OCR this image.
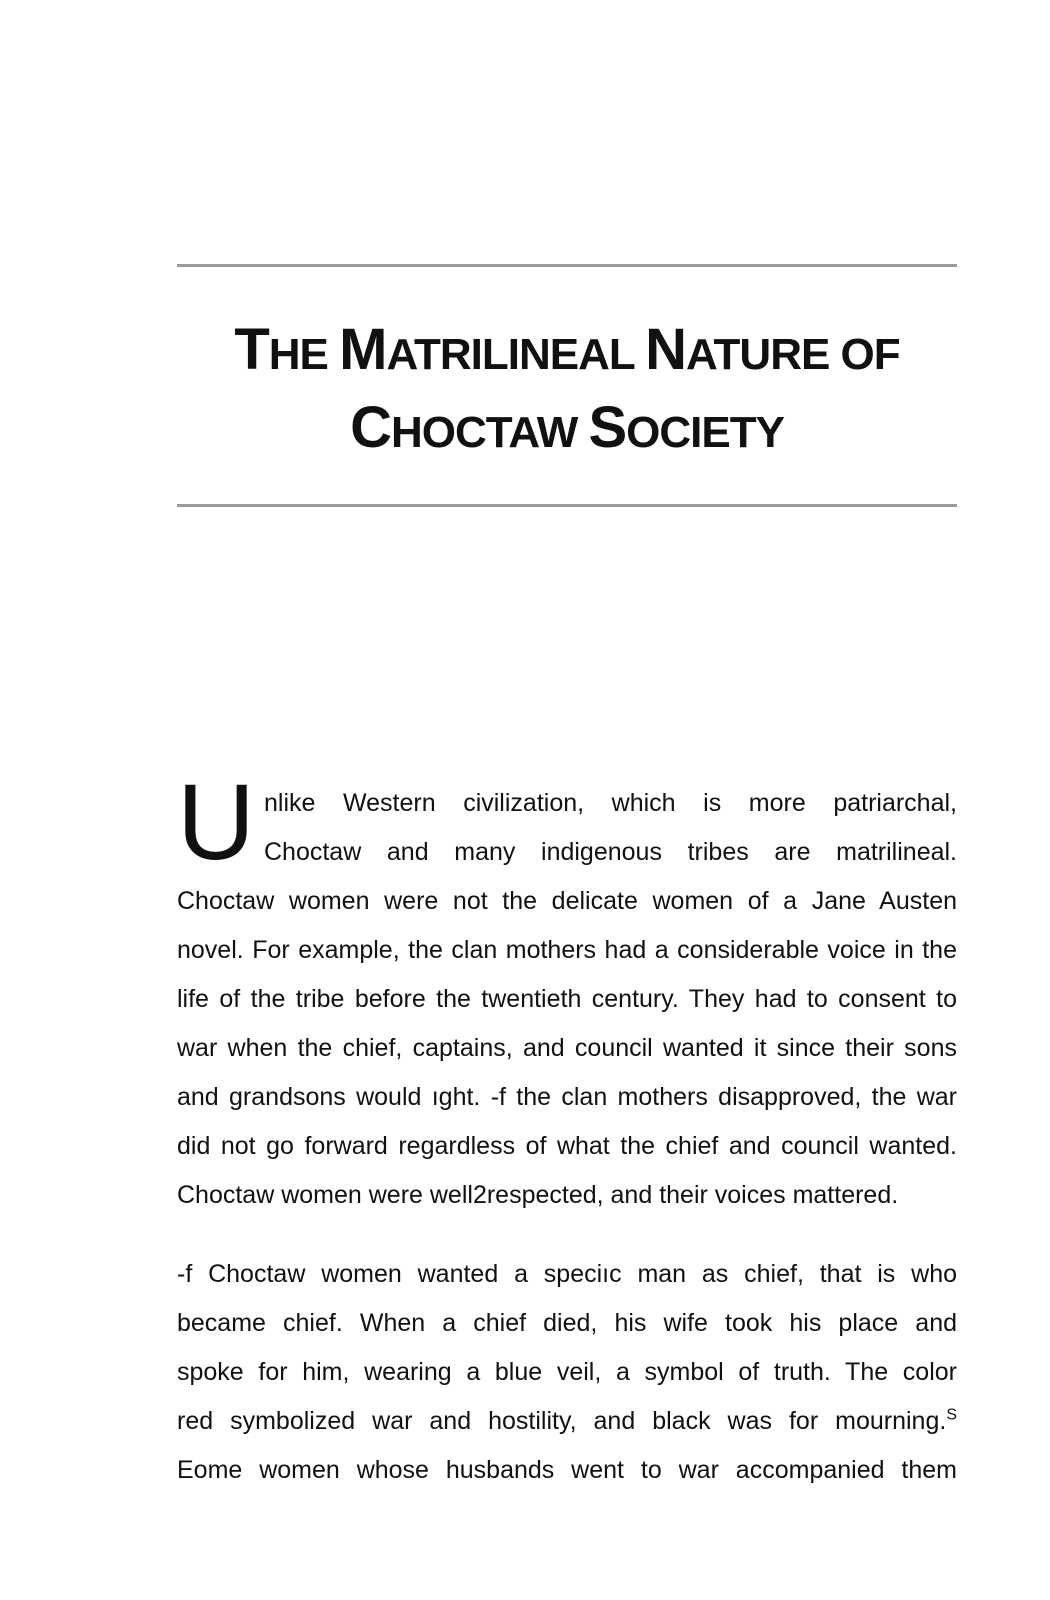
THE MATRILINEAL NATURE OF
CHOCTAW SOCIETY
U nlike Western civilization, which is more patriarchal,
Choctaw and many indigenous tribes are matrilineal.
Choctaw women were not the delicate women of a Jane Austen
novel. For example, the clan mothers had a considerable voice in the
life of the tribe before the twentieth century. They had to consent to
war when the chief, captains, and council wanted it since their sons
and grandsons would ıght. -f the clan mothers disapproved, the war
did not go forward regardless of what the chief and council wanted.
Choctaw women were well2respected, and their voices mattered.
-f Choctaw women wanted a speciıc man as chief, that is who
became chief. When a chief died, his wife took his place and
spoke for him, wearing a blue veil, a symbol of truth. The color
red symbolized war and hostility, and black was for mourning.$^S$
Eome women whose husbands went to war accompanied them
